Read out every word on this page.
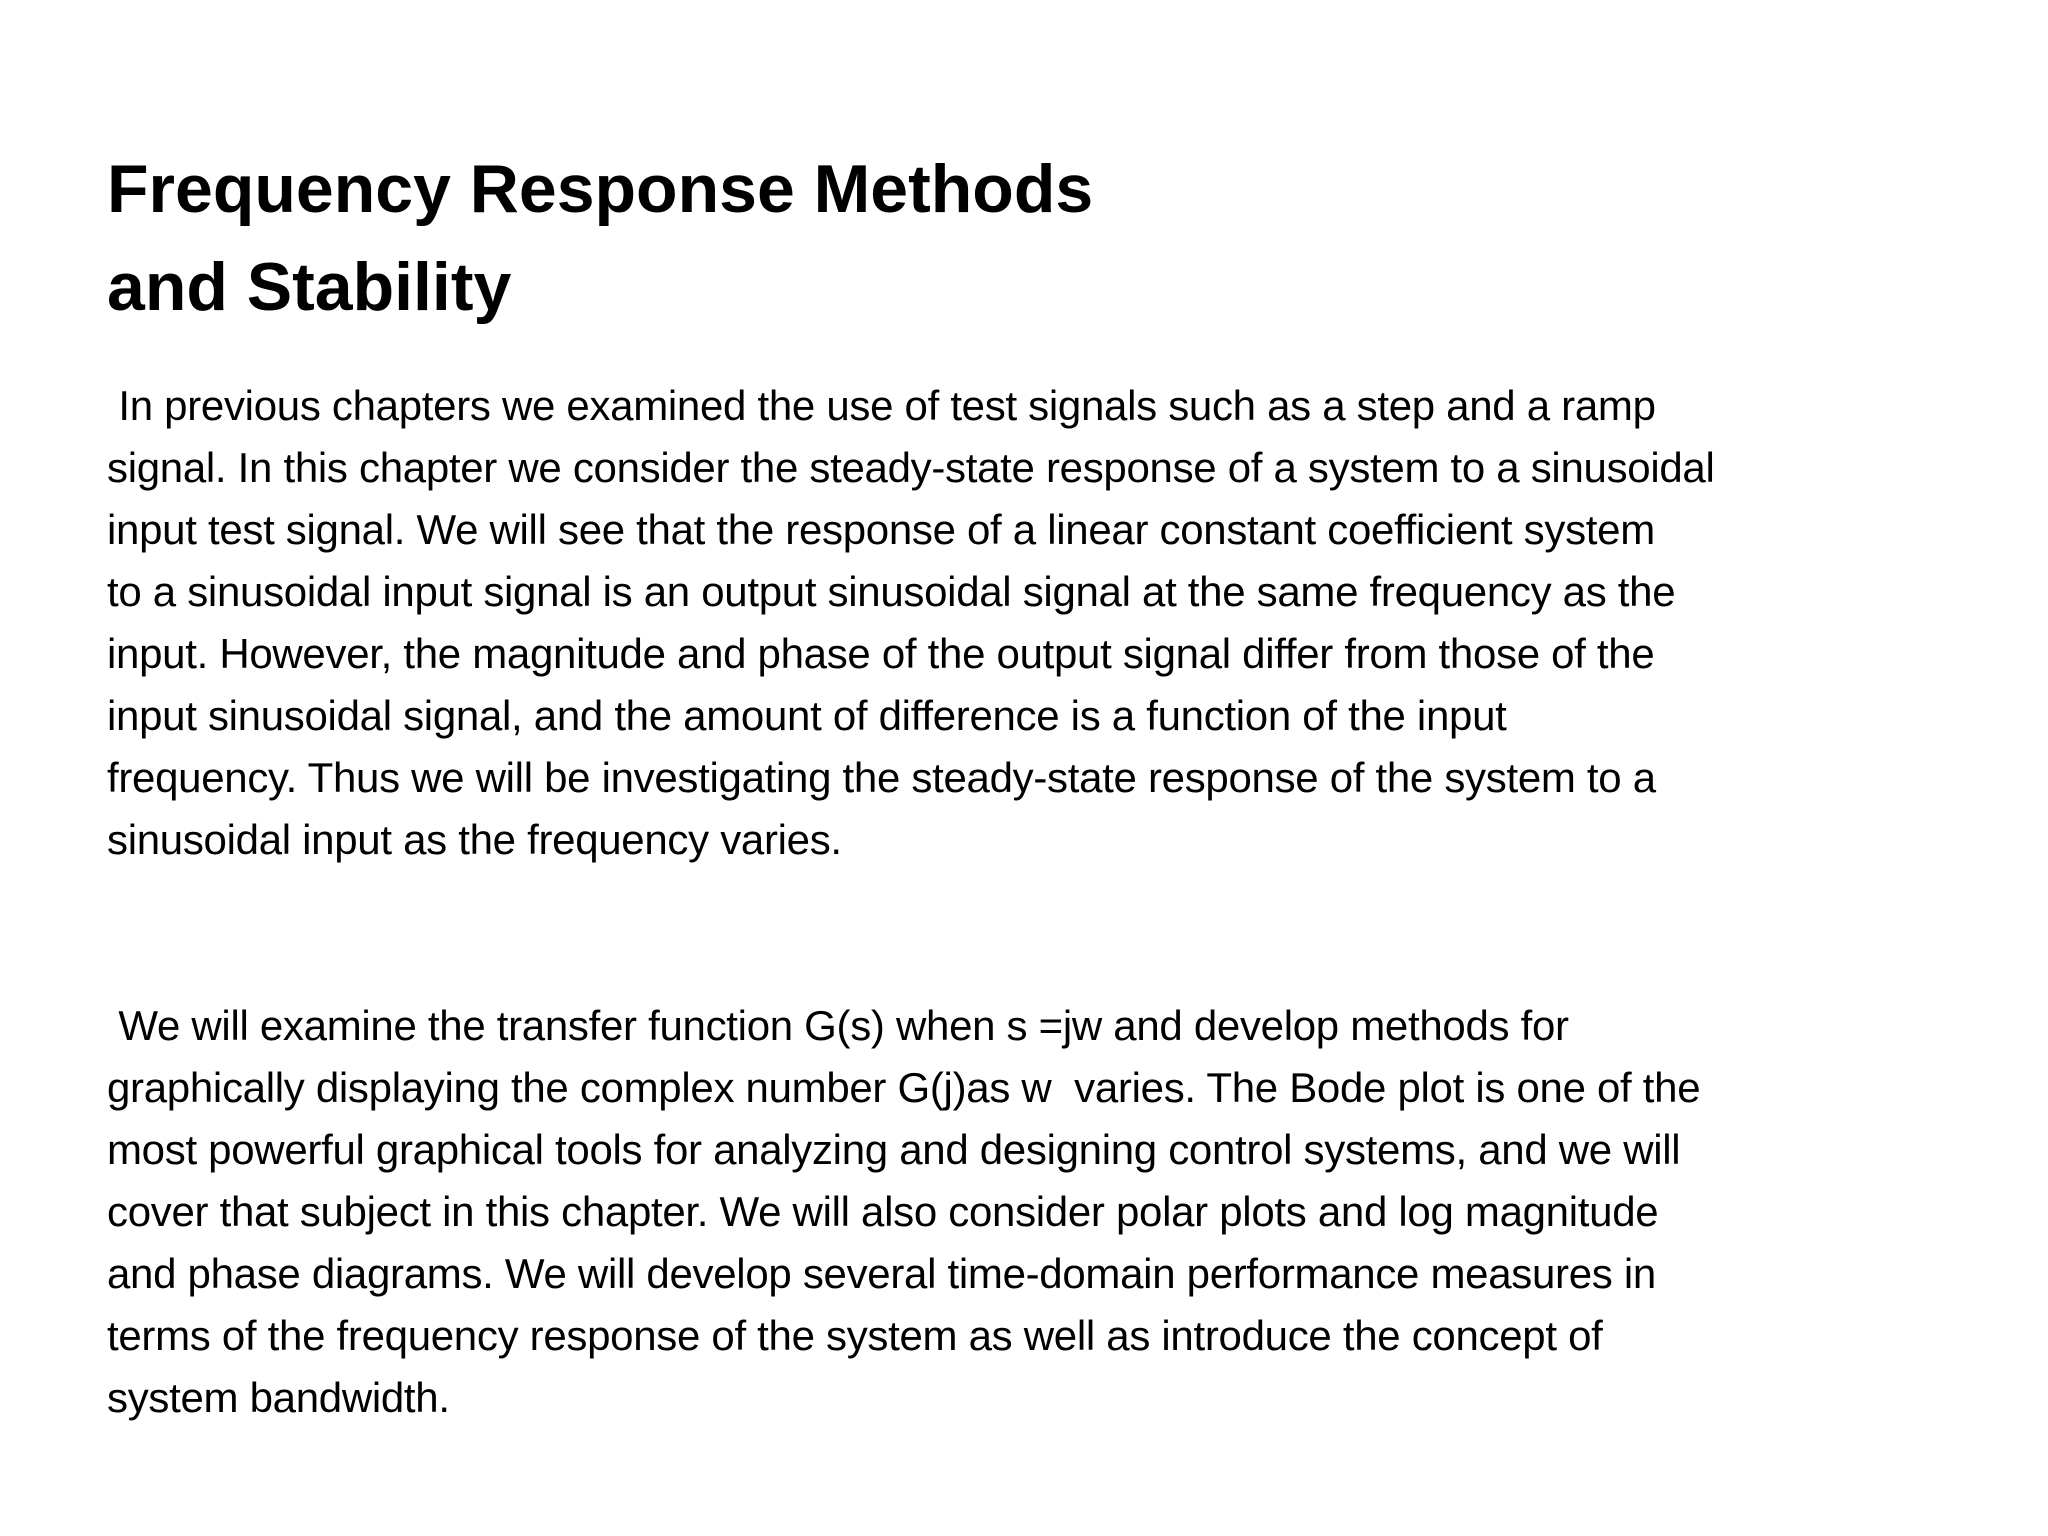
Frequency Response Methods
and Stability

In previous chapters we examined the use of test signals such as a step and a ramp
signal. In this chapter we consider the steady-state response of a system to a sinusoidal
input test signal. We will see that the response of a linear constant coefficient system
to a sinusoidal input signal is an output sinusoidal signal at the same frequency as the
input. However, the magnitude and phase of the output signal differ from those of the
input sinusoidal signal, and the amount of difference is a function of the input
frequency. Thus we will be investigating the steady-state response of the system to a
sinusoidal input as the frequency varies.

We will examine the transfer function G(s) when s =jw and develop methods for
graphically displaying the complex number G(j)as w  varies. The Bode plot is one of the
most powerful graphical tools for analyzing and designing control systems, and we will
cover that subject in this chapter. We will also consider polar plots and log magnitude
and phase diagrams. We will develop several time-domain performance measures in
terms of the frequency response of the system as well as introduce the concept of
system bandwidth.
